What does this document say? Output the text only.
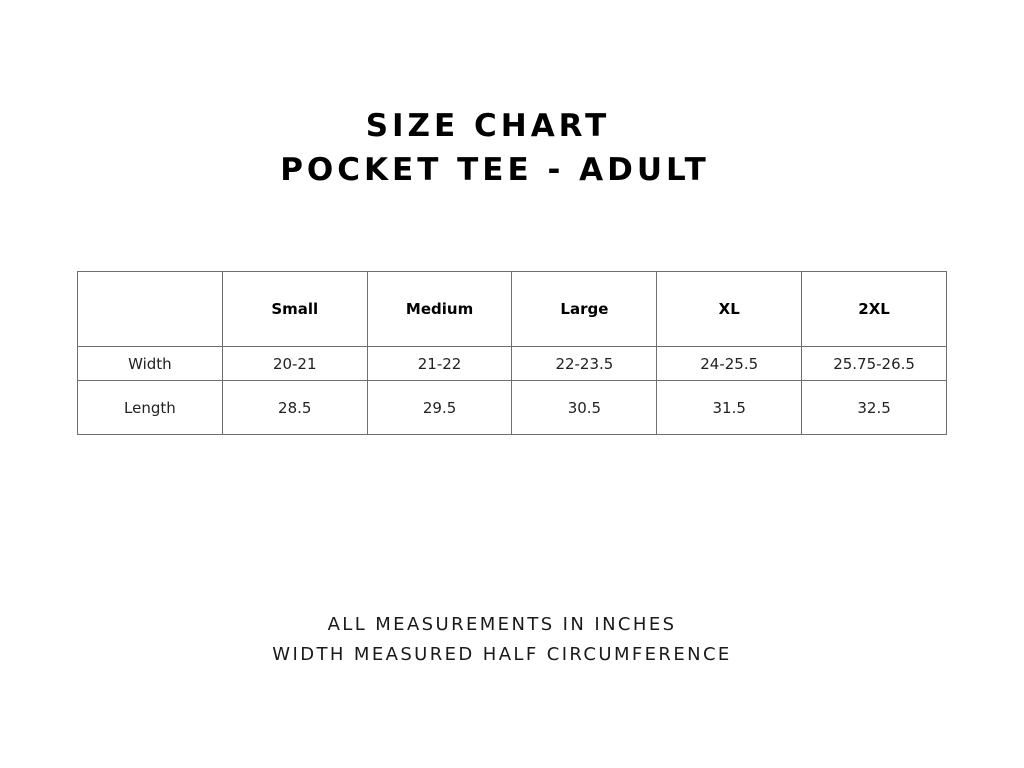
SIZE CHART
POCKET TEE - ADULT
	Small	Medium	Large	XL	2XL
Width	20-21	21-22	22-23.5	24-25.5	25.75-26.5
Length	28.5	29.5	30.5	31.5	32.5
ALL MEASUREMENTS IN INCHES
WIDTH MEASURED HALF CIRCUMFERENCE
